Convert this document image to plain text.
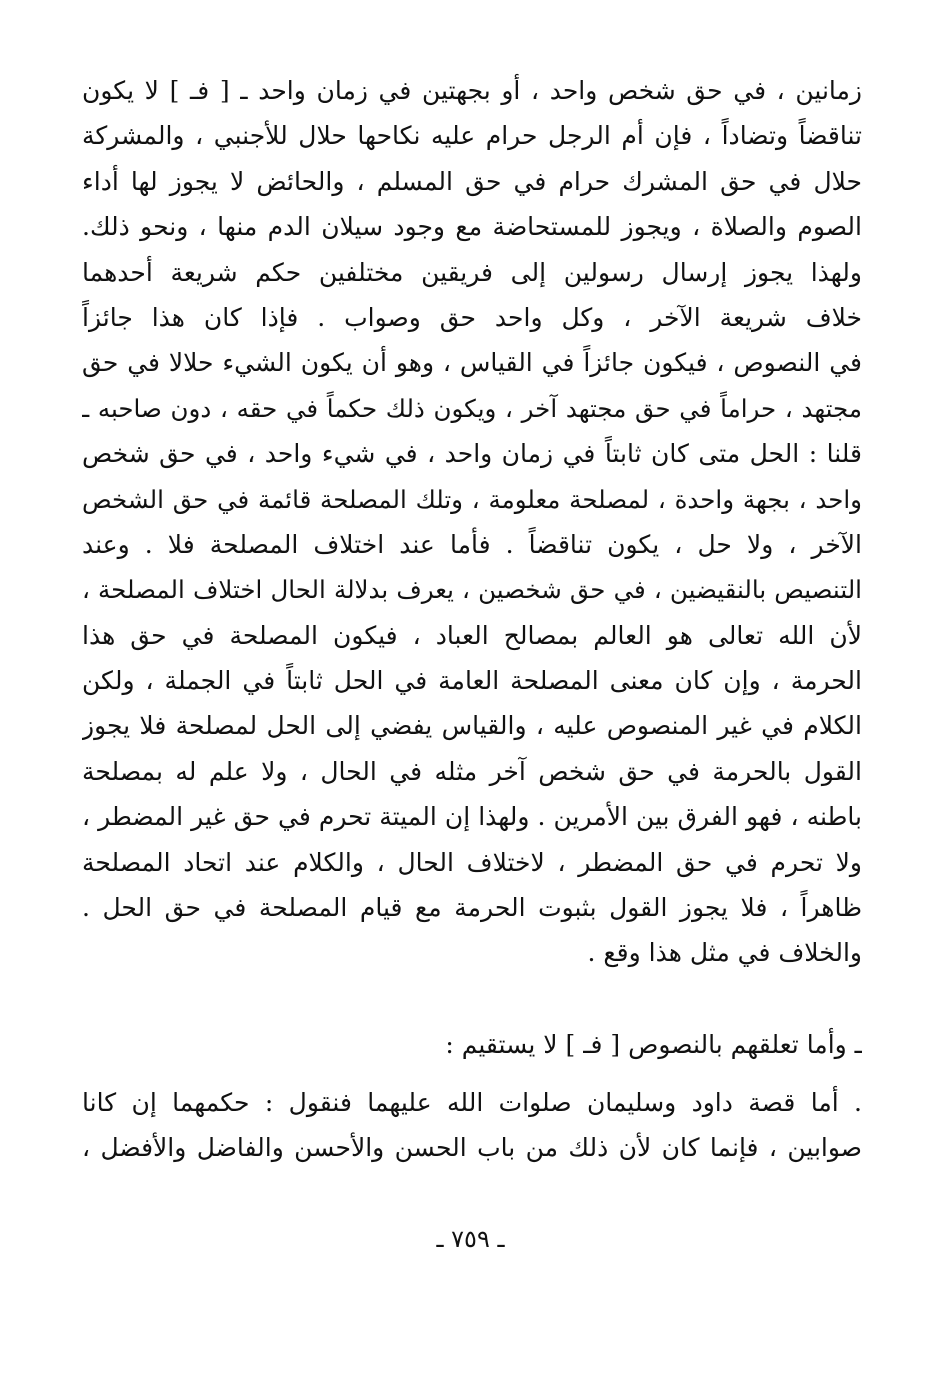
زمانين ، في حق شخص واحد ، أو بجهتين في زمان واحد ـ [ فـ ] لا يكون
تناقضاً وتضاداً ، فإن أم الرجل حرام عليه نكاحها حلال للأجنبي ، والمشركة
حلال في حق المشرك حرام في حق المسلم ، والحائض لا يجوز لها أداء
الصوم والصلاة ، ويجوز للمستحاضة مع وجود سيلان الدم منها ، ونحو ذلك.
ولهذا يجوز إرسال رسولين إلى فريقين مختلفين حكم شريعة أحدهما
خلاف شريعة الآخر ، وكل واحد حق وصواب . فإذا كان هذا جائزاً
في النصوص ، فيكون جائزاً في القياس ، وهو أن يكون الشيء حلالا في حق
مجتهد ، حراماً في حق مجتهد آخر ، ويكون ذلك حكماً في حقه ، دون صاحبه ـ
قلنا : الحل متى كان ثابتاً في زمان واحد ، في شيء واحد ، في حق شخص
واحد ، بجهة واحدة ، لمصلحة معلومة ، وتلك المصلحة قائمة في حق الشخص
الآخر ، ولا حل ، يكون تناقضاً . فأما عند اختلاف المصلحة فلا . وعند
التنصيص بالنقيضين ، في حق شخصين ، يعرف بدلالة الحال اختلاف المصلحة ،
لأن الله تعالى هو العالم بمصالح العباد ، فيكون المصلحة في حق هذا
الحرمة ، وإن كان معنى المصلحة العامة في الحل ثابتاً في الجملة ، ولكن
الكلام في غير المنصوص عليه ، والقياس يفضي إلى الحل لمصلحة فلا يجوز
القول بالحرمة في حق شخص آخر مثله في الحال ، ولا علم له بمصلحة
باطنه ، فهو الفرق بين الأمرين . ولهذا إن الميتة تحرم في حق غير المضطر ،
ولا تحرم في حق المضطر ، لاختلاف الحال ، والكلام عند اتحاد المصلحة
ظاهراً ، فلا يجوز القول بثبوت الحرمة مع قيام المصلحة في حق الحل .
والخلاف في مثل هذا وقع .
ـ وأما تعلقهم بالنصوص [ فـ ] لا يستقيم :
. أما قصة داود وسليمان صلوات الله عليهما فنقول : حكمهما إن كانا
صوابين ، فإنما كان لأن ذلك من باب الحسن والأحسن والفاضل والأفضل ،
ـ ٧٥٩ ـ
